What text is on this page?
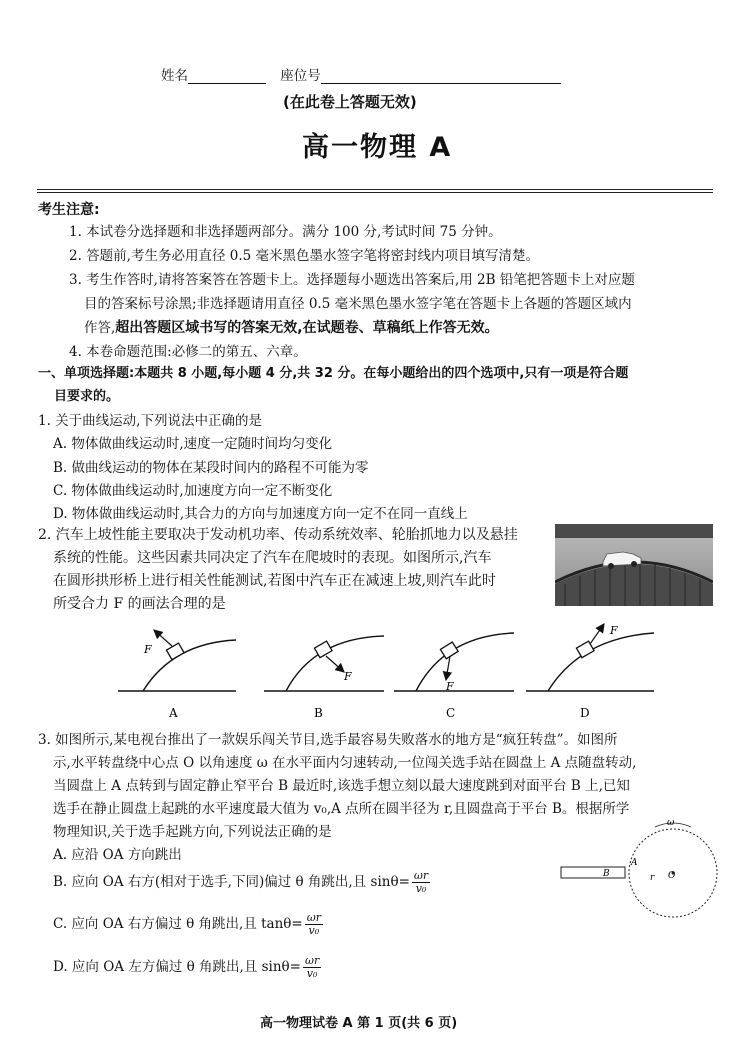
姓名	座位号
(在此卷上答题无效)
高一物理 A
考生注意:
1. 本试卷分选择题和非选择题两部分。满分 100 分,考试时间 75 分钟。
2. 答题前,考生务必用直径 0.5 毫米黑色墨水签字笔将密封线内项目填写清楚。
3. 考生作答时,请将答案答在答题卡上。选择题每小题选出答案后,用 2B 铅笔把答题卡上对应题
目的答案标号涂黑;非选择题请用直径 0.5 毫米黑色墨水签字笔在答题卡上各题的答题区域内
作答,超出答题区域书写的答案无效,在试题卷、草稿纸上作答无效。
4. 本卷命题范围:必修二的第五、六章。
一、单项选择题:本题共 8 小题,每小题 4 分,共 32 分。在每小题给出的四个选项中,只有一项是符合题
目要求的。
1. 关于曲线运动,下列说法中正确的是
A. 物体做曲线运动时,速度一定随时间均匀变化
B. 做曲线运动的物体在某段时间内的路程不可能为零
C. 物体做曲线运动时,加速度方向一定不断变化
D. 物体做曲线运动时,其合力的方向与加速度方向一定不在同一直线上
2. 汽车上坡性能主要取决于发动机功率、传动系统效率、轮胎抓地力以及悬挂
系统的性能。这些因素共同决定了汽车在爬坡时的表现。如图所示,汽车
在圆形拱形桥上进行相关性能测试,若图中汽车正在减速上坡,则汽车此时
所受合力 F 的画法合理的是
F
A
F
B
F
C
F
D
3. 如图所示,某电视台推出了一款娱乐闯关节目,选手最容易失败落水的地方是“疯狂转盘”。如图所
示,水平转盘绕中心点 O 以角速度 ω 在水平面内匀速转动,一位闯关选手站在圆盘上 A 点随盘转动,
当圆盘上 A 点转到与固定静止窄平台 B 最近时,该选手想立刻以最大速度跳到对面平台 B 上,已知
选手在静止圆盘上起跳的水平速度最大值为 v₀,A 点所在圆半径为 r,且圆盘高于平台 B。根据所学
物理知识,关于选手起跳方向,下列说法正确的是
A. 应沿 OA 方向跳出
B. 应向 OA 右方(相对于选手,下同)偏过 θ 角跳出,且 $\sin\theta= \frac{\omega r}{\text{v₀}}$
C. 应向 OA 右方偏过 θ 角跳出,且 $\tan\theta= \frac{\omega r}{\text{v₀}}$
D. 应向 OA 左方偏过 θ 角跳出,且 $\sin\theta= \frac{\omega r}{\text{v₀}}$
ω
B
A
r O
高一物理试卷 A 第 1 页(共 6 页)
